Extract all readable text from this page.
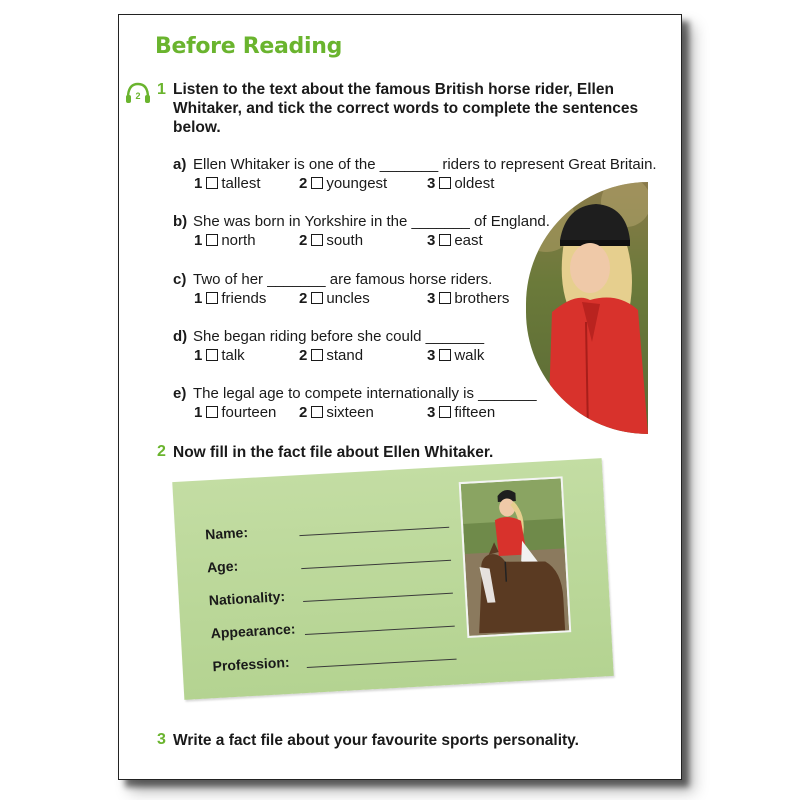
Before Reading
2 1 Listen to the text about the famous British horse rider, Ellen
Whitaker, and tick the correct words to complete the sentences
below.
a) Ellen Whitaker is one of the _______ riders to represent Great Britain.
1 tallest	2 youngest	3 oldest
b) She was born in Yorkshire in the _______ of England.
1 north	2 south	3 east
c) Two of her _______ are famous horse riders.
1 friends 2 uncles	3 brothers
d) She began riding before she could _______
1 talk	2 stand	3 walk
e) The legal age to compete internationally is _______
1 fourteen 2 sixteen	3 fifteen
2 Now fill in the fact file about Ellen Whitaker.
Name:
Age:
Nationality:
Appearance:
Profession:
3 Write a fact file about your favourite sports personality.
